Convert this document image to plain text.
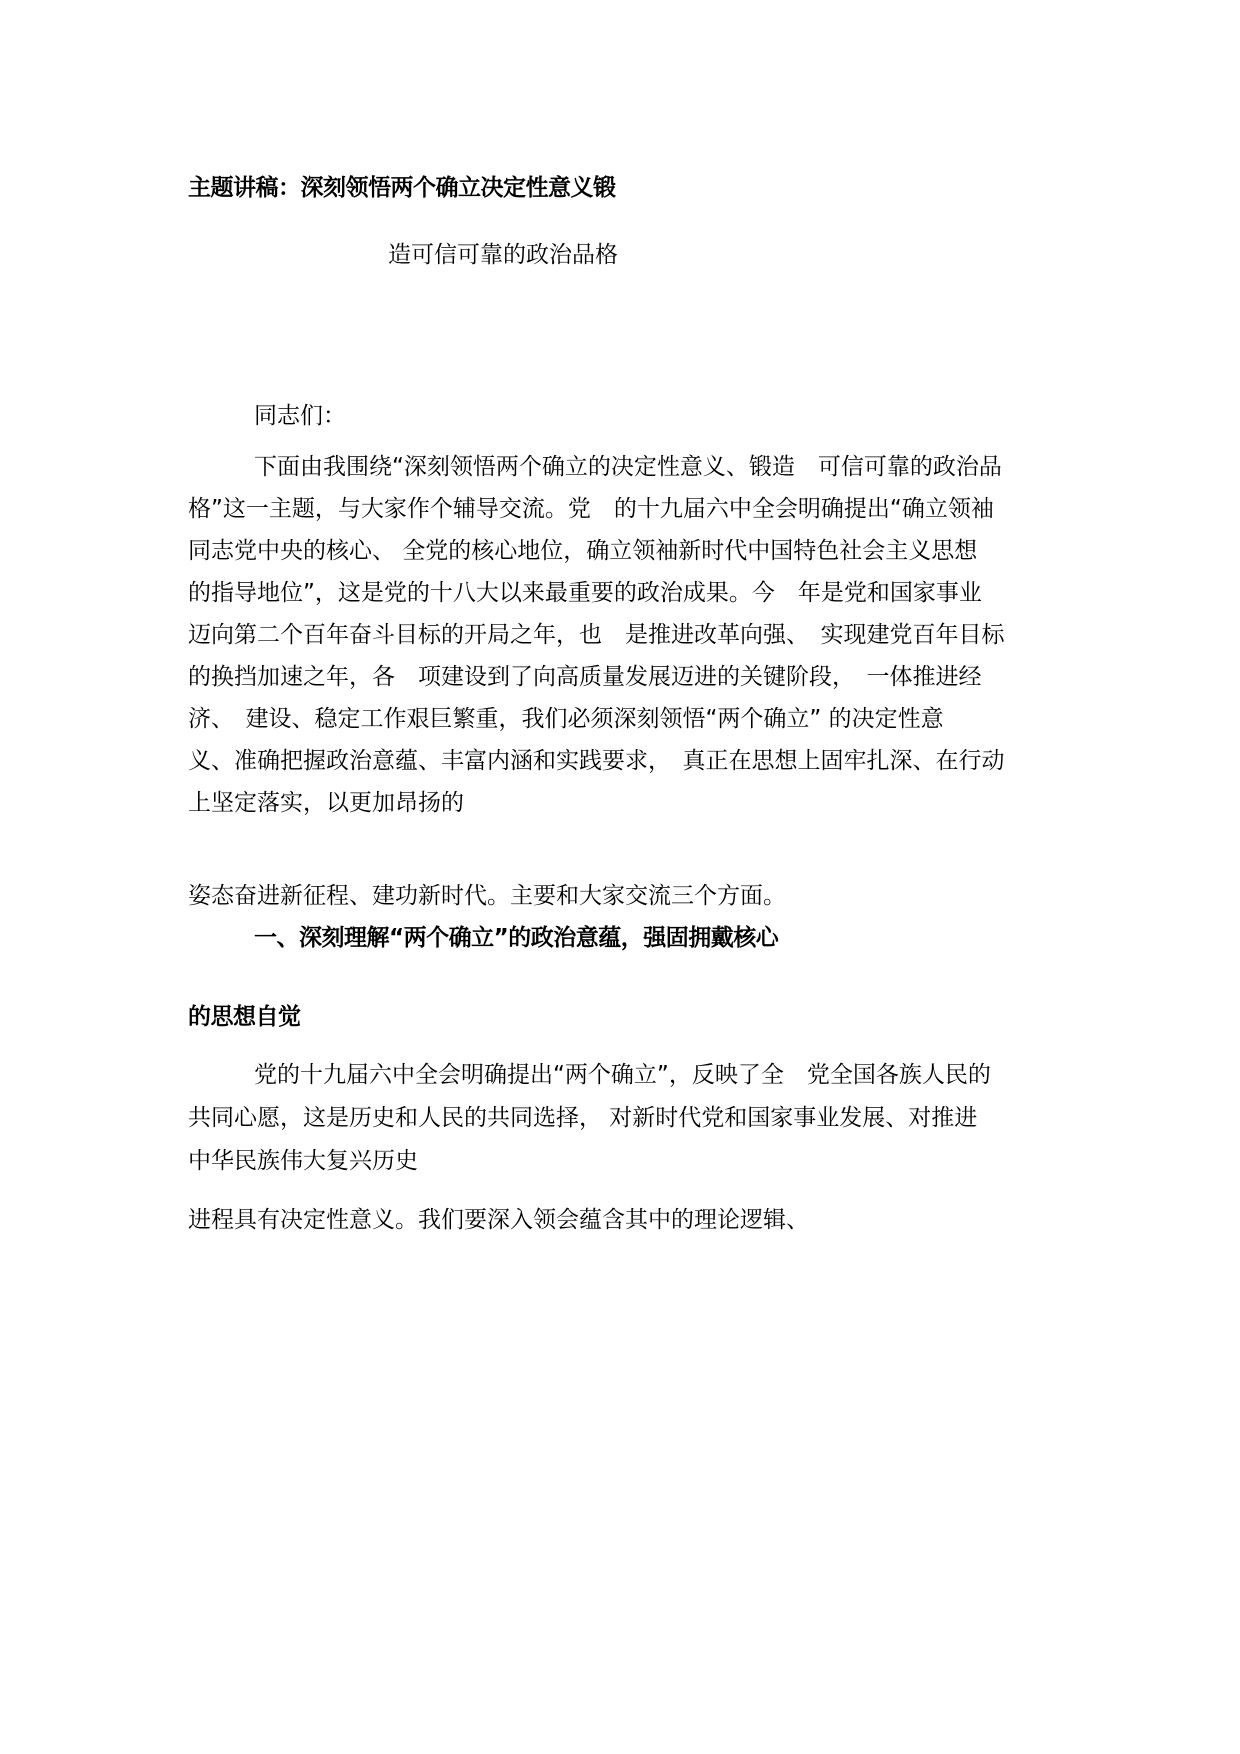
主题讲稿：深刻领悟两个确立决定性意义锻
造可信可靠的政治品格
同志们：
下面由我围绕“深刻领悟两个确立的决定性意义、锻造　可信可靠的政治品
格”这一主题，与大家作个辅导交流。党　的十九届六中全会明确提出“确立领袖
同志党中央的核心、 全党的核心地位，确立领袖新时代中国特色社会主义思想
的指导地位”，这是党的十八大以来最重要的政治成果。今　年是党和国家事业
迈向第二个百年奋斗目标的开局之年，也　是推进改革向强、　实现建党百年目标
的换挡加速之年，各　项建设到了向高质量发展迈进的关键阶段，　一体推进经
济、　建设、稳定工作艰巨繁重，我们必须深刻领悟“两个确立” 的决定性意
义、准确把握政治意蕴、丰富内涵和实践要求，　真正在思想上固牢扎深、在行动
上坚定落实，以更加昂扬的
姿态奋进新征程、建功新时代。主要和大家交流三个方面。
一、深刻理解“两个确立”的政治意蕴，强固拥戴核心
的思想自觉
党的十九届六中全会明确提出“两个确立”，反映了全　党全国各族人民的
共同心愿，这是历史和人民的共同选择， 对新时代党和国家事业发展、对推进
中华民族伟大复兴历史
进程具有决定性意义。我们要深入领会蕴含其中的理论逻辑、
